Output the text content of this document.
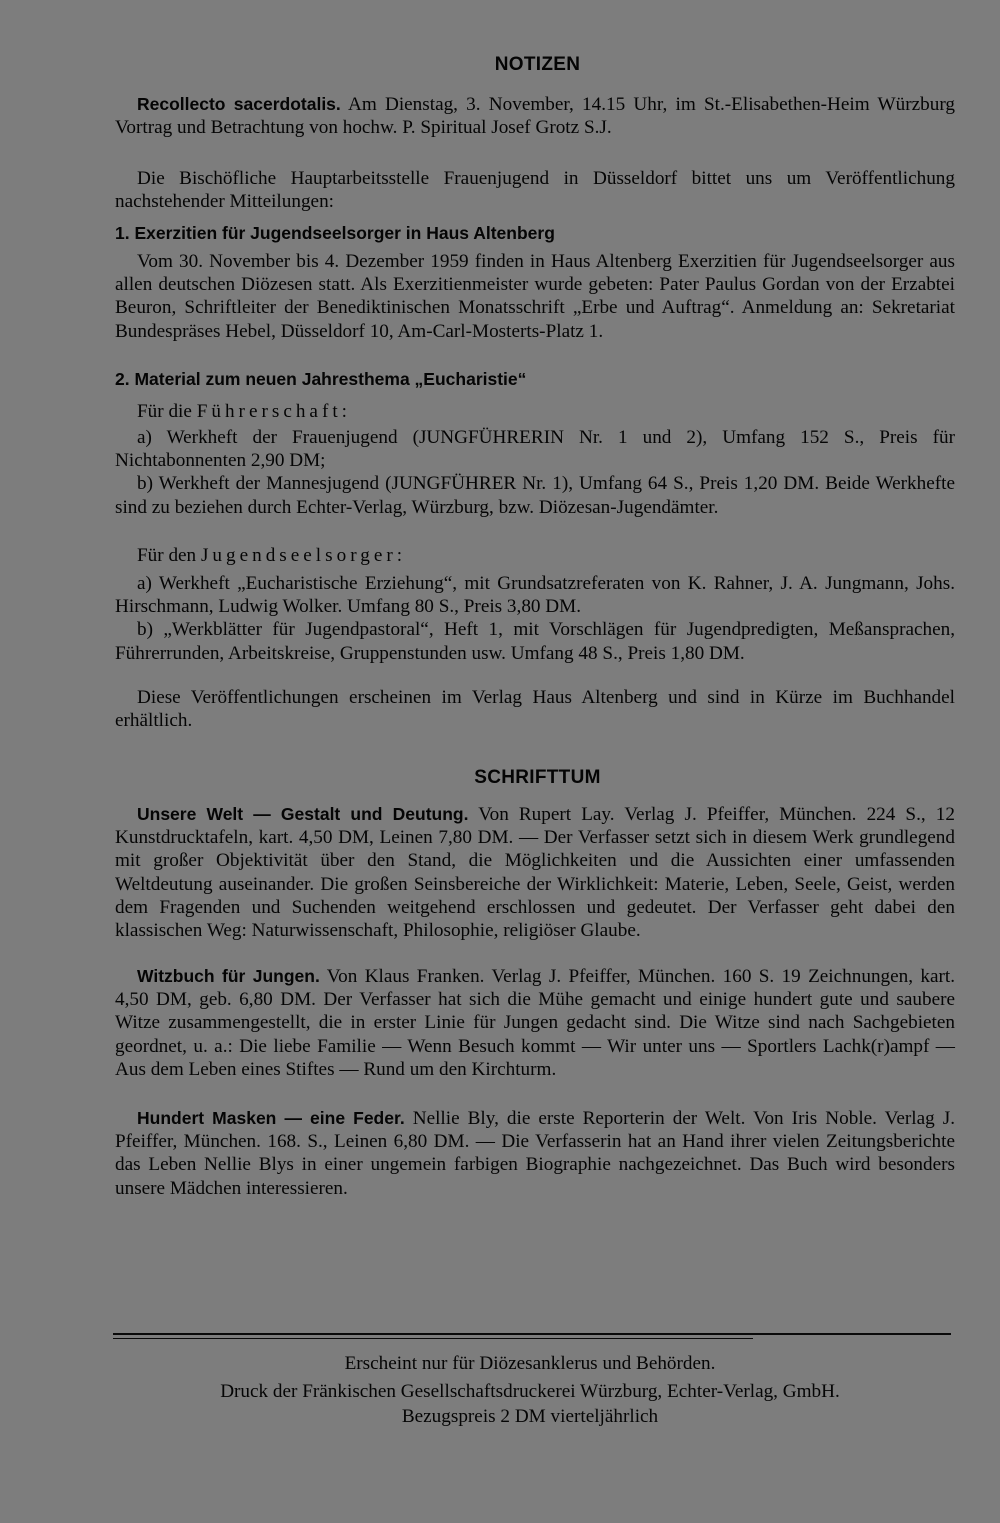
NOTIZEN

Recollecto sacerdotalis. Am Dienstag, 3. November, 14.15 Uhr, im St.-Elisabethen-Heim Würzburg Vortrag und Betrachtung von hochw. P. Spiritual Josef Grotz S.J.

Die Bischöfliche Hauptarbeitsstelle Frauenjugend in Düsseldorf bittet uns um Veröffentlichung nachstehender Mitteilungen:

1. Exerzitien für Jugendseelsorger in Haus Altenberg

Vom 30. November bis 4. Dezember 1959 finden in Haus Altenberg Exerzitien für Jugendseelsorger aus allen deutschen Diözesen statt. Als Exerzitienmeister wurde gebeten: Pater Paulus Gordan von der Erzabtei Beuron, Schriftleiter der Benediktinischen Monatsschrift „Erbe und Auftrag“. Anmeldung an: Sekretariat Bundespräses Hebel, Düsseldorf 10, Am-Carl-Mosterts-Platz 1.

2. Material zum neuen Jahresthema „Eucharistie“

Für die Führerschaft:

a) Werkheft der Frauenjugend (JUNGFÜHRERIN Nr. 1 und 2), Umfang 152 S., Preis für Nichtabonnenten 2,90 DM;

b) Werkheft der Mannesjugend (JUNGFÜHRER Nr. 1), Umfang 64 S., Preis 1,20 DM. Beide Werkhefte sind zu beziehen durch Echter-Verlag, Würzburg, bzw. Diözesan-Jugendämter.

Für den Jugendseelsorger:

a) Werkheft „Eucharistische Erziehung“, mit Grundsatzreferaten von K. Rahner, J. A. Jungmann, Johs. Hirschmann, Ludwig Wolker. Umfang 80 S., Preis 3,80 DM.

b) „Werkblätter für Jugendpastoral“, Heft 1, mit Vorschlägen für Jugendpredigten, Meßansprachen, Führerrunden, Arbeitskreise, Gruppenstunden usw. Umfang 48 S., Preis 1,80 DM.

Diese Veröffentlichungen erscheinen im Verlag Haus Altenberg und sind in Kürze im Buchhandel erhältlich.

SCHRIFTTUM

Unsere Welt — Gestalt und Deutung. Von Rupert Lay. Verlag J. Pfeiffer, München. 224 S., 12 Kunstdrucktafeln, kart. 4,50 DM, Leinen 7,80 DM. — Der Verfasser setzt sich in diesem Werk grundlegend mit großer Objektivität über den Stand, die Möglichkeiten und die Aussichten einer umfassenden Weltdeutung auseinander. Die großen Seinsbereiche der Wirklichkeit: Materie, Leben, Seele, Geist, werden dem Fragenden und Suchenden weitgehend erschlossen und gedeutet. Der Verfasser geht dabei den klassischen Weg: Naturwissenschaft, Philosophie, religiöser Glaube.

Witzbuch für Jungen. Von Klaus Franken. Verlag J. Pfeiffer, München. 160 S. 19 Zeichnungen, kart. 4,50 DM, geb. 6,80 DM. Der Verfasser hat sich die Mühe gemacht und einige hundert gute und saubere Witze zusammengestellt, die in erster Linie für Jungen gedacht sind. Die Witze sind nach Sachgebieten geordnet, u. a.: Die liebe Familie — Wenn Besuch kommt — Wir unter uns — Sportlers Lachk(r)ampf — Aus dem Leben eines Stiftes — Rund um den Kirchturm.

Hundert Masken — eine Feder. Nellie Bly, die erste Reporterin der Welt. Von Iris Noble. Verlag J. Pfeiffer, München. 168. S., Leinen 6,80 DM. — Die Verfasserin hat an Hand ihrer vielen Zeitungsberichte das Leben Nellie Blys in einer ungemein farbigen Biographie nachgezeichnet. Das Buch wird besonders unsere Mädchen interessieren.

Erscheint nur für Diözesanklerus und Behörden.
Druck der Fränkischen Gesellschaftsdruckerei Würzburg, Echter-Verlag, GmbH.
Bezugspreis 2 DM vierteljährlich
